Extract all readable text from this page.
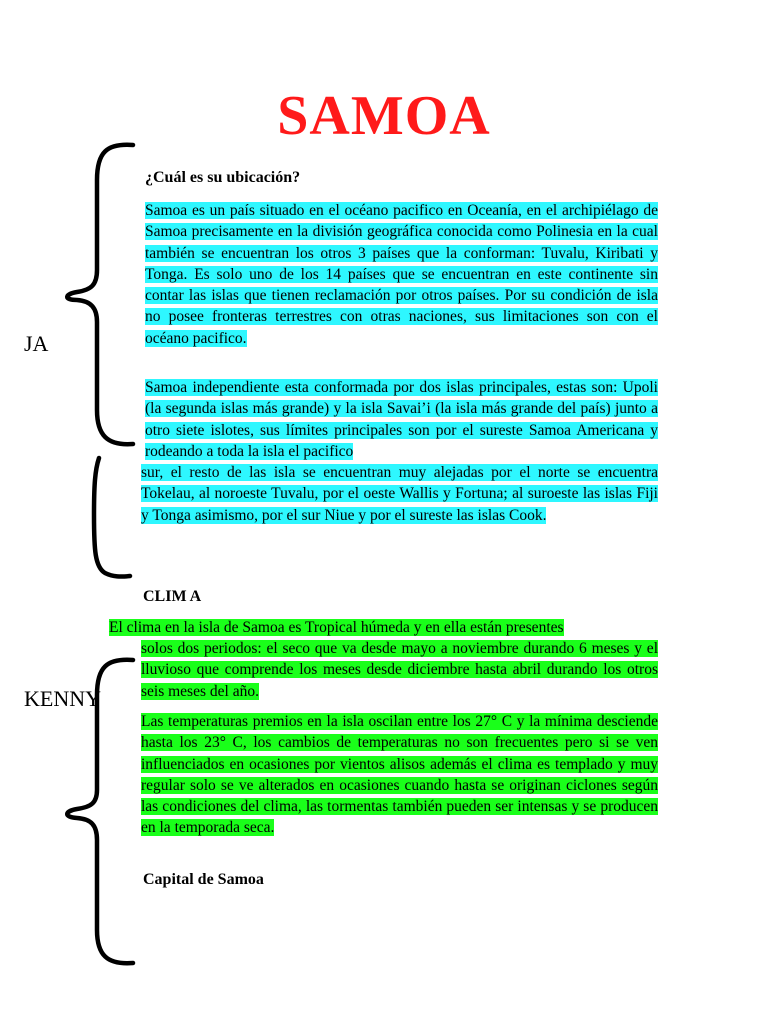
SAMOA
JA
KENNY
¿Cuál es su ubicación?

Samoa es un país situado en el océano pacifico en Oceanía, en el archipiélago de Samoa precisamente en la división geográfica conocida como Polinesia en la cual también se encuentran los otros 3 países que la conforman: Tuvalu, Kiribati y Tonga. Es solo uno de los 14 países que se encuentran en este continente sin contar las islas que tienen reclamación por otros países. Por su condición de isla no posee fronteras terrestres con otras naciones, sus limitaciones son con el océano pacifico.

Samoa independiente esta conformada por dos islas principales, estas son: Upoli (la segunda islas más grande) y la isla Savai’i (la isla más grande del país) junto a otro siete islotes, sus límites principales son por el sureste Samoa Americana y rodeando a toda la isla el pacifico

sur, el resto de las isla se encuentran muy alejadas por el norte se encuentra Tokelau, al noroeste Tuvalu, por el oeste Wallis y Fortuna; al suroeste las islas Fiji y Tonga asimismo, por el sur Niue y por el sureste las islas Cook.

CLIM A

El clima en la isla de Samoa es Tropical húmeda y en ella están presentes

solos dos periodos: el seco que va desde mayo a noviembre durando 6 meses y el lluvioso que comprende los meses desde diciembre hasta abril durando los otros seis meses del año.

Las temperaturas premios en la isla oscilan entre los 27° C y la mínima desciende hasta los 23° C, los cambios de temperaturas no son frecuentes pero si se ven influenciados en ocasiones por vientos alisos además el clima es templado y muy regular solo se ve alterados en ocasiones cuando hasta se originan ciclones según las condiciones del clima, las tormentas también pueden ser intensas y se producen en la temporada seca.

Capital de Samoa
